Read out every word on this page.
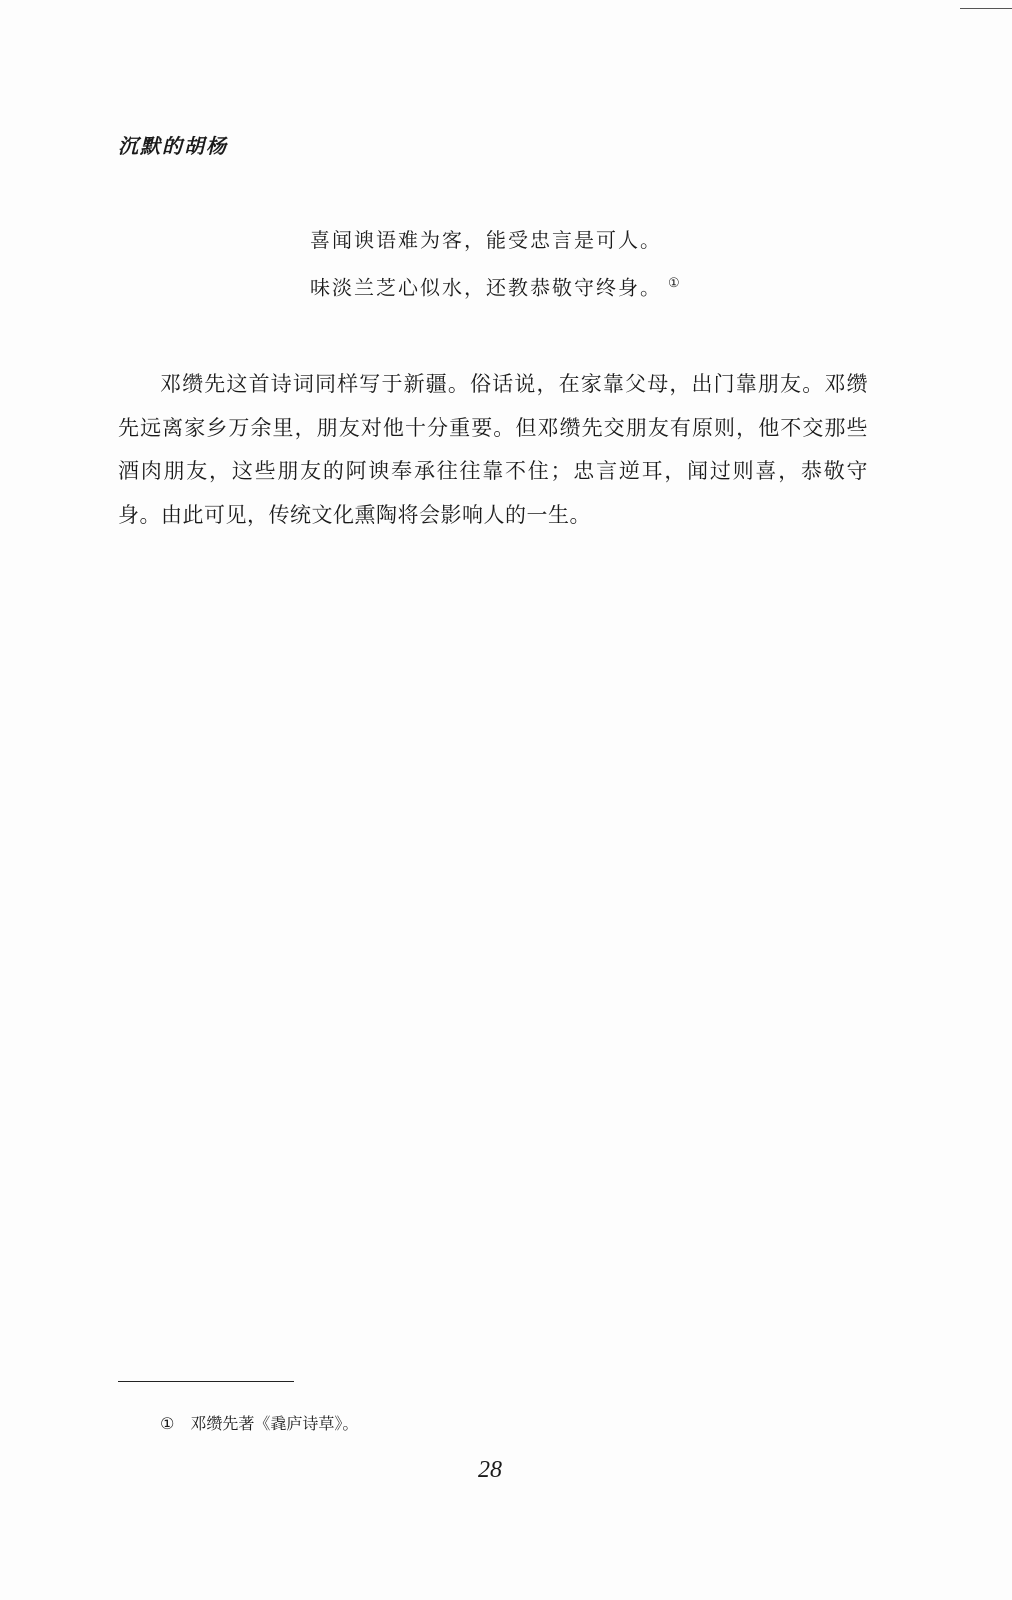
沉默的胡杨
喜闻谀语难为客，能受忠言是可人。
味淡兰芝心似水，还教恭敬守终身。 ①

邓缵先这首诗词同样写于新疆。俗话说，在家靠父母，出门靠朋友。邓缵先远离家乡万余里，朋友对他十分重要。但邓缵先交朋友有原则，他不交那些酒肉朋友，这些朋友的阿谀奉承往往靠不住；忠言逆耳，闻过则喜，恭敬守身。由此可见，传统文化熏陶将会影响人的一生。

① 邓缵先著《毳庐诗草》。
28
